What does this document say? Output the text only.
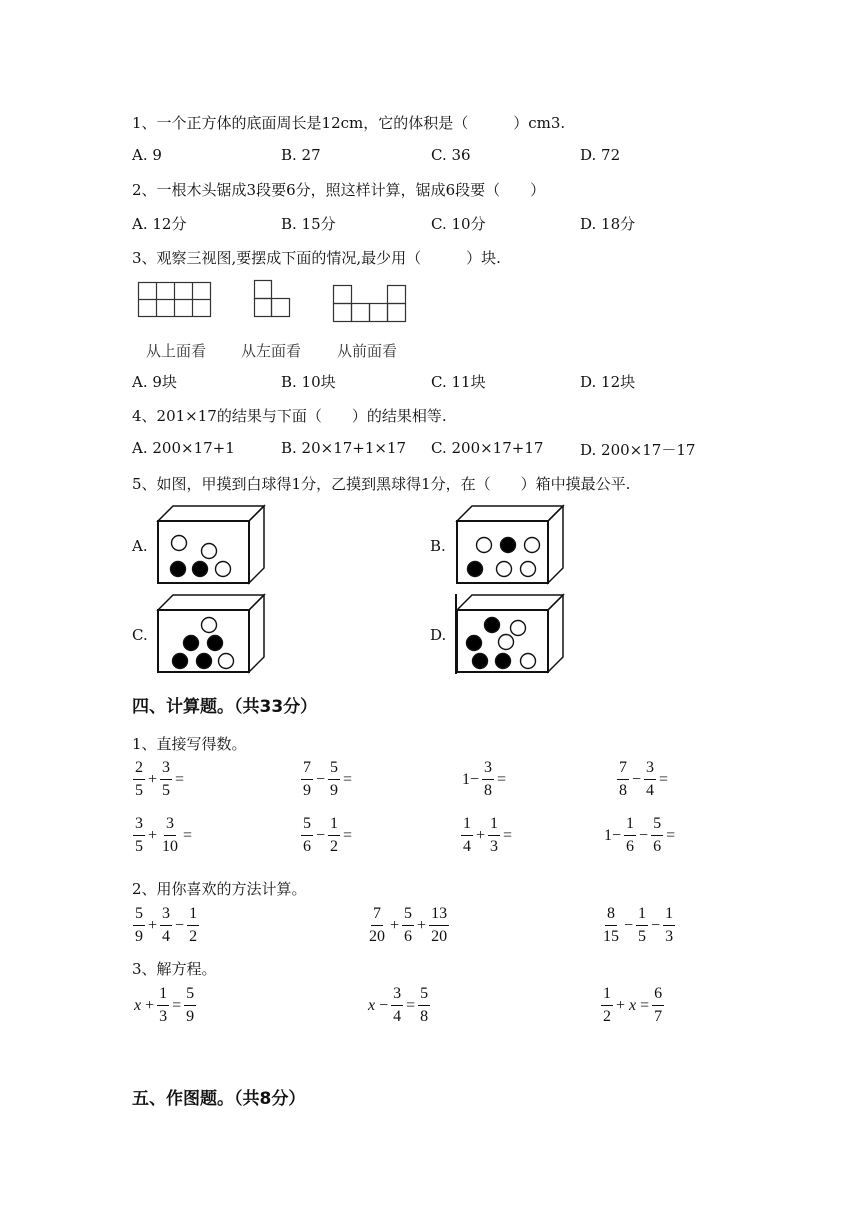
1、一个正方体的底面周长是12cm，它的体积是（　　　）cm3.
A. 9	B. 27	C. 36	D. 72
2、一根木头锯成3段要6分，照这样计算，锯成6段要（　　）
A. 12分	B. 15分	C. 10分	D. 18分
3、观察三视图,要摆成下面的情况,最少用（　　　）块.
从上面看 从左面看 从前面看
A. 9块	B. 10块	C. 11块	D. 12块
4、201×17的结果与下面（　　）的结果相等.
A. 200×17+1	B. 20×17+1×17 C. 200×17+17 D. 200×17－17
5、如图，甲摸到白球得1分，乙摸到黑球得1分，在（　　）箱中摸最公平.
A.	B.
C.	D.
四、计算题。（共33分）
1、直接写得数。
$\frac{2}{5} + \frac{3}{5}$ =	$\frac{7}{9} - \frac{5}{9}$ =	$1- \frac{3}{8}$ =	$\frac{7}{8} - \frac{3}{4}$ =
$\frac{3}{5} + \frac{3}{10}$ =	$\frac{5}{6} - \frac{1}{2}$ =	$\frac{1}{4} + \frac{1}{3}$ =	$1- \frac{1}{6} - \frac{5}{6}$ =
2、用你喜欢的方法计算。
$\frac{5}{9} + \frac{3}{4} - \frac{1}{2}$	$\frac{7}{20} + \frac{5}{6} + \frac{13}{20}$	$\frac{8}{15} - \frac{1}{5} - \frac{1}{3}$
3、解方程。
$x + \frac{1}{3} = \frac{5}{9}$	$x - \frac{3}{4} = \frac{5}{8}$	$\frac{1}{2} + x = \frac{6}{7}$
五、作图题。（共8分）
